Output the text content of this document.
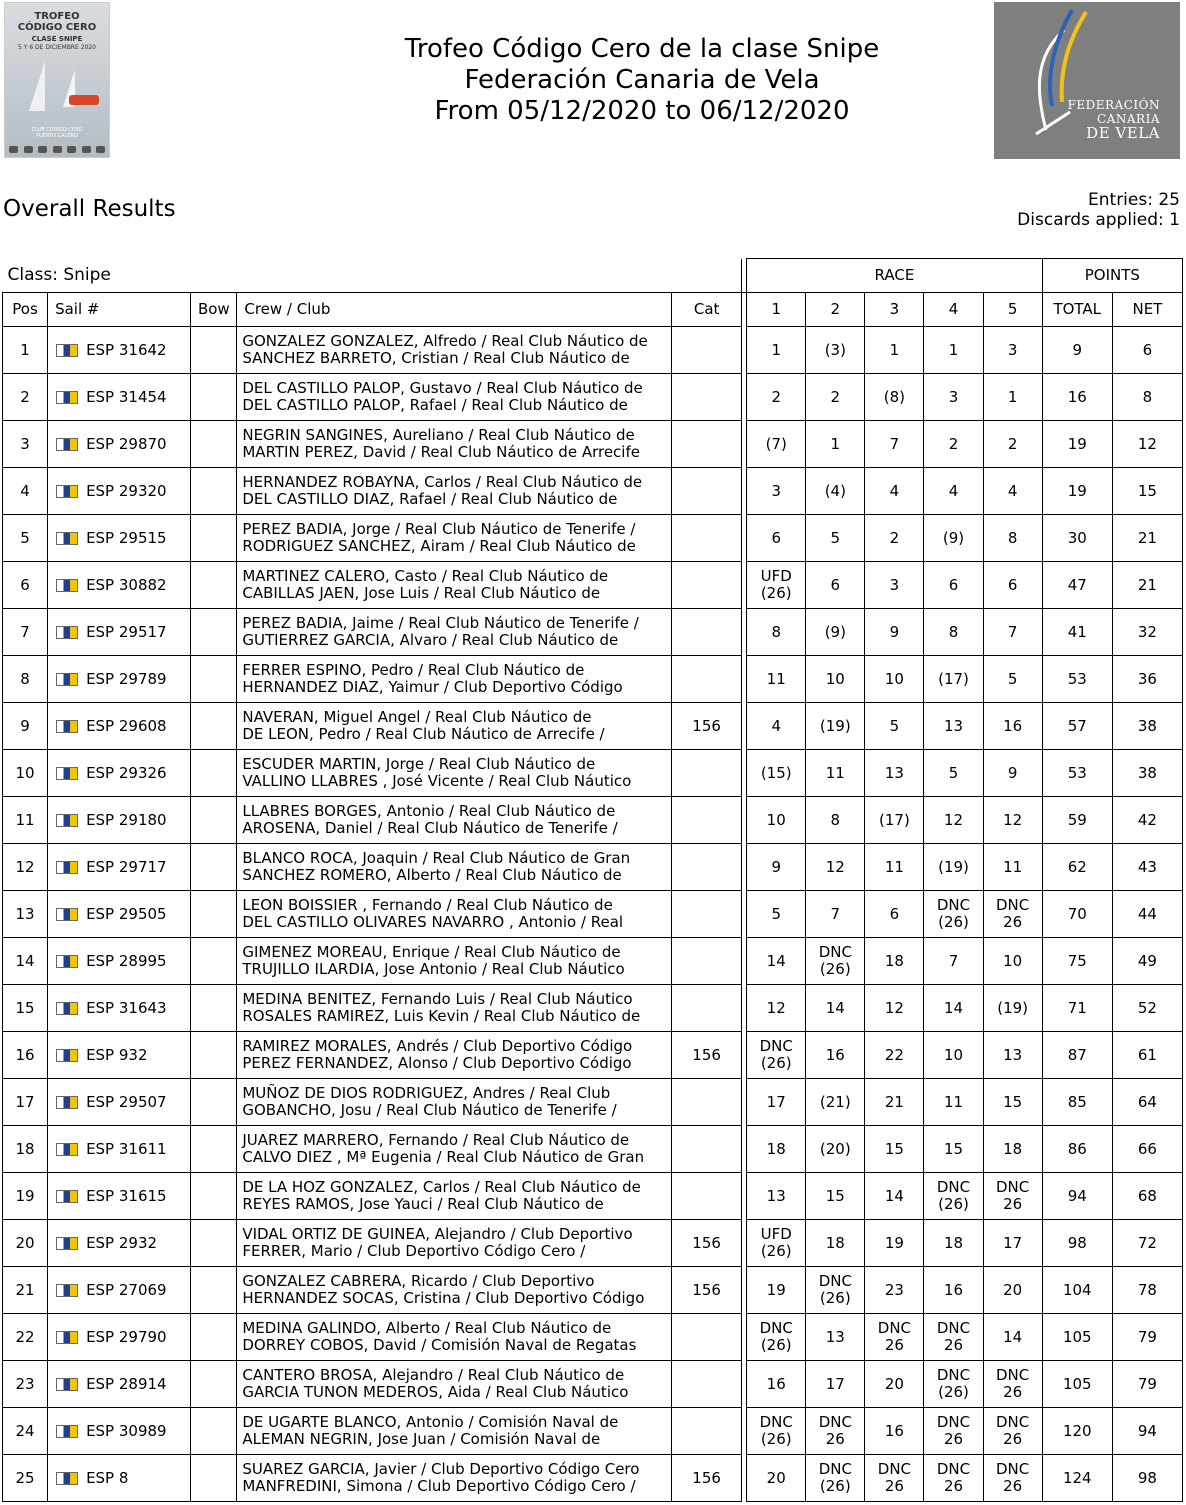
TROFEO
CÓDIGO CERO
CLASE SNIPE
5 Y 6 DE DICIEMBRE 2020
CLUB CÓDIGO CERO
PUERTO CALERO
Trofeo Código Cero de la clase Snipe
Federación Canaria de Vela
From 05/12/2020 to 06/12/2020	FEDERACIÓN
CANARIA
DE VELA
Overall Results	Entries: 25
Discards applied: 1
Class: Snipe						RACE					POINTS	
Pos	Sail #	Bow	Crew / Club	Cat		1	2	3	4	5	TOTAL	NET
1	ESP 31642		GONZALEZ GONZALEZ, Alfredo / Real Club Náutico de
SANCHEZ BARRETO, Cristian / Real Club Náutico de			1	(3)	1	1	3	9	6
2	ESP 31454		DEL CASTILLO PALOP, Gustavo / Real Club Náutico de
DEL CASTILLO PALOP, Rafael / Real Club Náutico de			2	2	(8)	3	1	16	8
3	ESP 29870		NEGRIN SANGINES, Aureliano / Real Club Náutico de
MARTIN PEREZ, David / Real Club Náutico de Arrecife			(7)	1	7	2	2	19	12
4	ESP 29320		HERNANDEZ ROBAYNA, Carlos / Real Club Náutico de
DEL CASTILLO DIAZ, Rafael / Real Club Náutico de			3	(4)	4	4	4	19	15
5	ESP 29515		PEREZ BADIA, Jorge / Real Club Náutico de Tenerife /
RODRIGUEZ SANCHEZ, Airam / Real Club Náutico de			6	5	2	(9)	8	30	21
6	ESP 30882		MARTINEZ CALERO, Casto / Real Club Náutico de
CABILLAS JAEN, Jose Luis / Real Club Náutico de			UFD
(26)	6	3	6	6	47	21
7	ESP 29517		PEREZ BADIA, Jaime / Real Club Náutico de Tenerife /
GUTIERREZ GARCIA, Alvaro / Real Club Náutico de			8	(9)	9	8	7	41	32
8	ESP 29789		FERRER ESPINO, Pedro / Real Club Náutico de
HERNANDEZ DIAZ, Yaimur / Club Deportivo Código			11	10	10	(17)	5	53	36
9	ESP 29608		NAVERAN, Miguel Angel / Real Club Náutico de
DE LEON, Pedro / Real Club Náutico de Arrecife /	156		4	(19)	5	13	16	57	38
10	ESP 29326		ESCUDER MARTIN, Jorge / Real Club Náutico de
VALLINO LLABRES , José Vicente / Real Club Náutico			(15)	11	13	5	9	53	38
11	ESP 29180		LLABRES BORGES, Antonio / Real Club Náutico de
AROSENA, Daniel / Real Club Náutico de Tenerife /			10	8	(17)	12	12	59	42
12	ESP 29717		BLANCO ROCA, Joaquin / Real Club Náutico de Gran
SANCHEZ ROMERO, Alberto / Real Club Náutico de			9	12	11	(19)	11	62	43
13	ESP 29505		LEON BOISSIER , Fernando / Real Club Náutico de
DEL CASTILLO OLIVARES NAVARRO , Antonio / Real			5	7	6	DNC
(26)	DNC
26	70	44
14	ESP 28995		GIMENEZ MOREAU, Enrique / Real Club Náutico de
TRUJILLO ILARDIA, Jose Antonio / Real Club Náutico			14	DNC
(26)	18	7	10	75	49
15	ESP 31643		MEDINA BENITEZ, Fernando Luis / Real Club Náutico
ROSALES RAMIREZ, Luis Kevin / Real Club Náutico de			12	14	12	14	(19)	71	52
16	ESP 932		RAMIREZ MORALES, Andrés / Club Deportivo Código
PEREZ FERNANDEZ, Alonso / Club Deportivo Código	156		DNC
(26)	16	22	10	13	87	61
17	ESP 29507		MUÑOZ DE DIOS RODRIGUEZ, Andres / Real Club
GOBANCHO, Josu / Real Club Náutico de Tenerife /			17	(21)	21	11	15	85	64
18	ESP 31611		JUAREZ MARRERO, Fernando / Real Club Náutico de
CALVO DIEZ , Mª Eugenia / Real Club Náutico de Gran			18	(20)	15	15	18	86	66
19	ESP 31615		DE LA HOZ GONZALEZ, Carlos / Real Club Náutico de
REYES RAMOS, Jose Yauci / Real Club Náutico de			13	15	14	DNC
(26)	DNC
26	94	68
20	ESP 2932		VIDAL ORTIZ DE GUINEA, Alejandro / Club Deportivo
FERRER, Mario / Club Deportivo Código Cero /	156		UFD
(26)	18	19	18	17	98	72
21	ESP 27069		GONZALEZ CABRERA, Ricardo / Club Deportivo
HERNANDEZ SOCAS, Cristina / Club Deportivo Código	156		19	DNC
(26)	23	16	20	104	78
22	ESP 29790		MEDINA GALINDO, Alberto / Real Club Náutico de
DORREY COBOS, David / Comisión Naval de Regatas			DNC
(26)	13	DNC
26	DNC
26	14	105	79
23	ESP 28914		CANTERO BROSA, Alejandro / Real Club Náutico de
GARCIA TUNON MEDEROS, Aida / Real Club Náutico			16	17	20	DNC
(26)	DNC
26	105	79
24	ESP 30989		DE UGARTE BLANCO, Antonio / Comisión Naval de
ALEMAN NEGRIN, Jose Juan / Comisión Naval de			DNC
(26)	DNC
26	16	DNC
26	DNC
26	120	94
25	ESP 8		SUAREZ GARCIA, Javier / Club Deportivo Código Cero
MANFREDINI, Simona / Club Deportivo Código Cero /	156		20	DNC
(26)	DNC
26	DNC
26	DNC
26	124	98
